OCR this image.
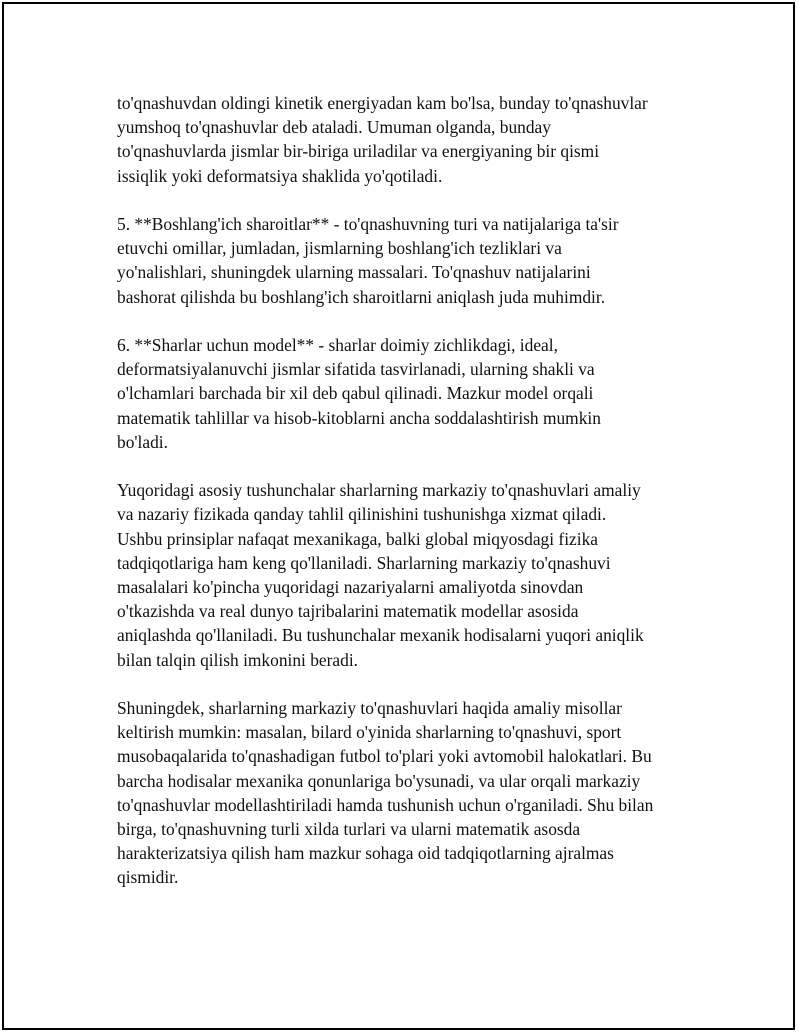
to'qnashuvdan oldingi kinetik energiyadan kam bo'lsa, bunday to'qnashuvlar
yumshoq to'qnashuvlar deb ataladi. Umuman olganda, bunday
to'qnashuvlarda jismlar bir-biriga uriladilar va energiyaning bir qismi
issiqlik yoki deformatsiya shaklida yo'qotiladi.

5. **Boshlang'ich sharoitlar** - to'qnashuvning turi va natijalariga ta'sir
etuvchi omillar, jumladan, jismlarning boshlang'ich tezliklari va
yo'nalishlari, shuningdek ularning massalari. To'qnashuv natijalarini
bashorat qilishda bu boshlang'ich sharoitlarni aniqlash juda muhimdir.

6. **Sharlar uchun model** - sharlar doimiy zichlikdagi, ideal,
deformatsiyalanuvchi jismlar sifatida tasvirlanadi, ularning shakli va
o'lchamlari barchada bir xil deb qabul qilinadi. Mazkur model orqali
matematik tahlillar va hisob-kitoblarni ancha soddalashtirish mumkin
bo'ladi.

Yuqoridagi asosiy tushunchalar sharlarning markaziy to'qnashuvlari amaliy
va nazariy fizikada qanday tahlil qilinishini tushunishga xizmat qiladi.
Ushbu prinsiplar nafaqat mexanikaga, balki global miqyosdagi fizika
tadqiqotlariga ham keng qo'llaniladi. Sharlarning markaziy to'qnashuvi
masalalari ko'pincha yuqoridagi nazariyalarni amaliyotda sinovdan
o'tkazishda va real dunyo tajribalarini matematik modellar asosida
aniqlashda qo'llaniladi. Bu tushunchalar mexanik hodisalarni yuqori aniqlik
bilan talqin qilish imkonini beradi.

Shuningdek, sharlarning markaziy to'qnashuvlari haqida amaliy misollar
keltirish mumkin: masalan, bilard o'yinida sharlarning to'qnashuvi, sport
musobaqalarida to'qnashadigan futbol to'plari yoki avtomobil halokatlari. Bu
barcha hodisalar mexanika qonunlariga bo'ysunadi, va ular orqali markaziy
to'qnashuvlar modellashtiriladi hamda tushunish uchun o'rganiladi. Shu bilan
birga, to'qnashuvning turli xilda turlari va ularni matematik asosda
harakterizatsiya qilish ham mazkur sohaga oid tadqiqotlarning ajralmas
qismidir.
